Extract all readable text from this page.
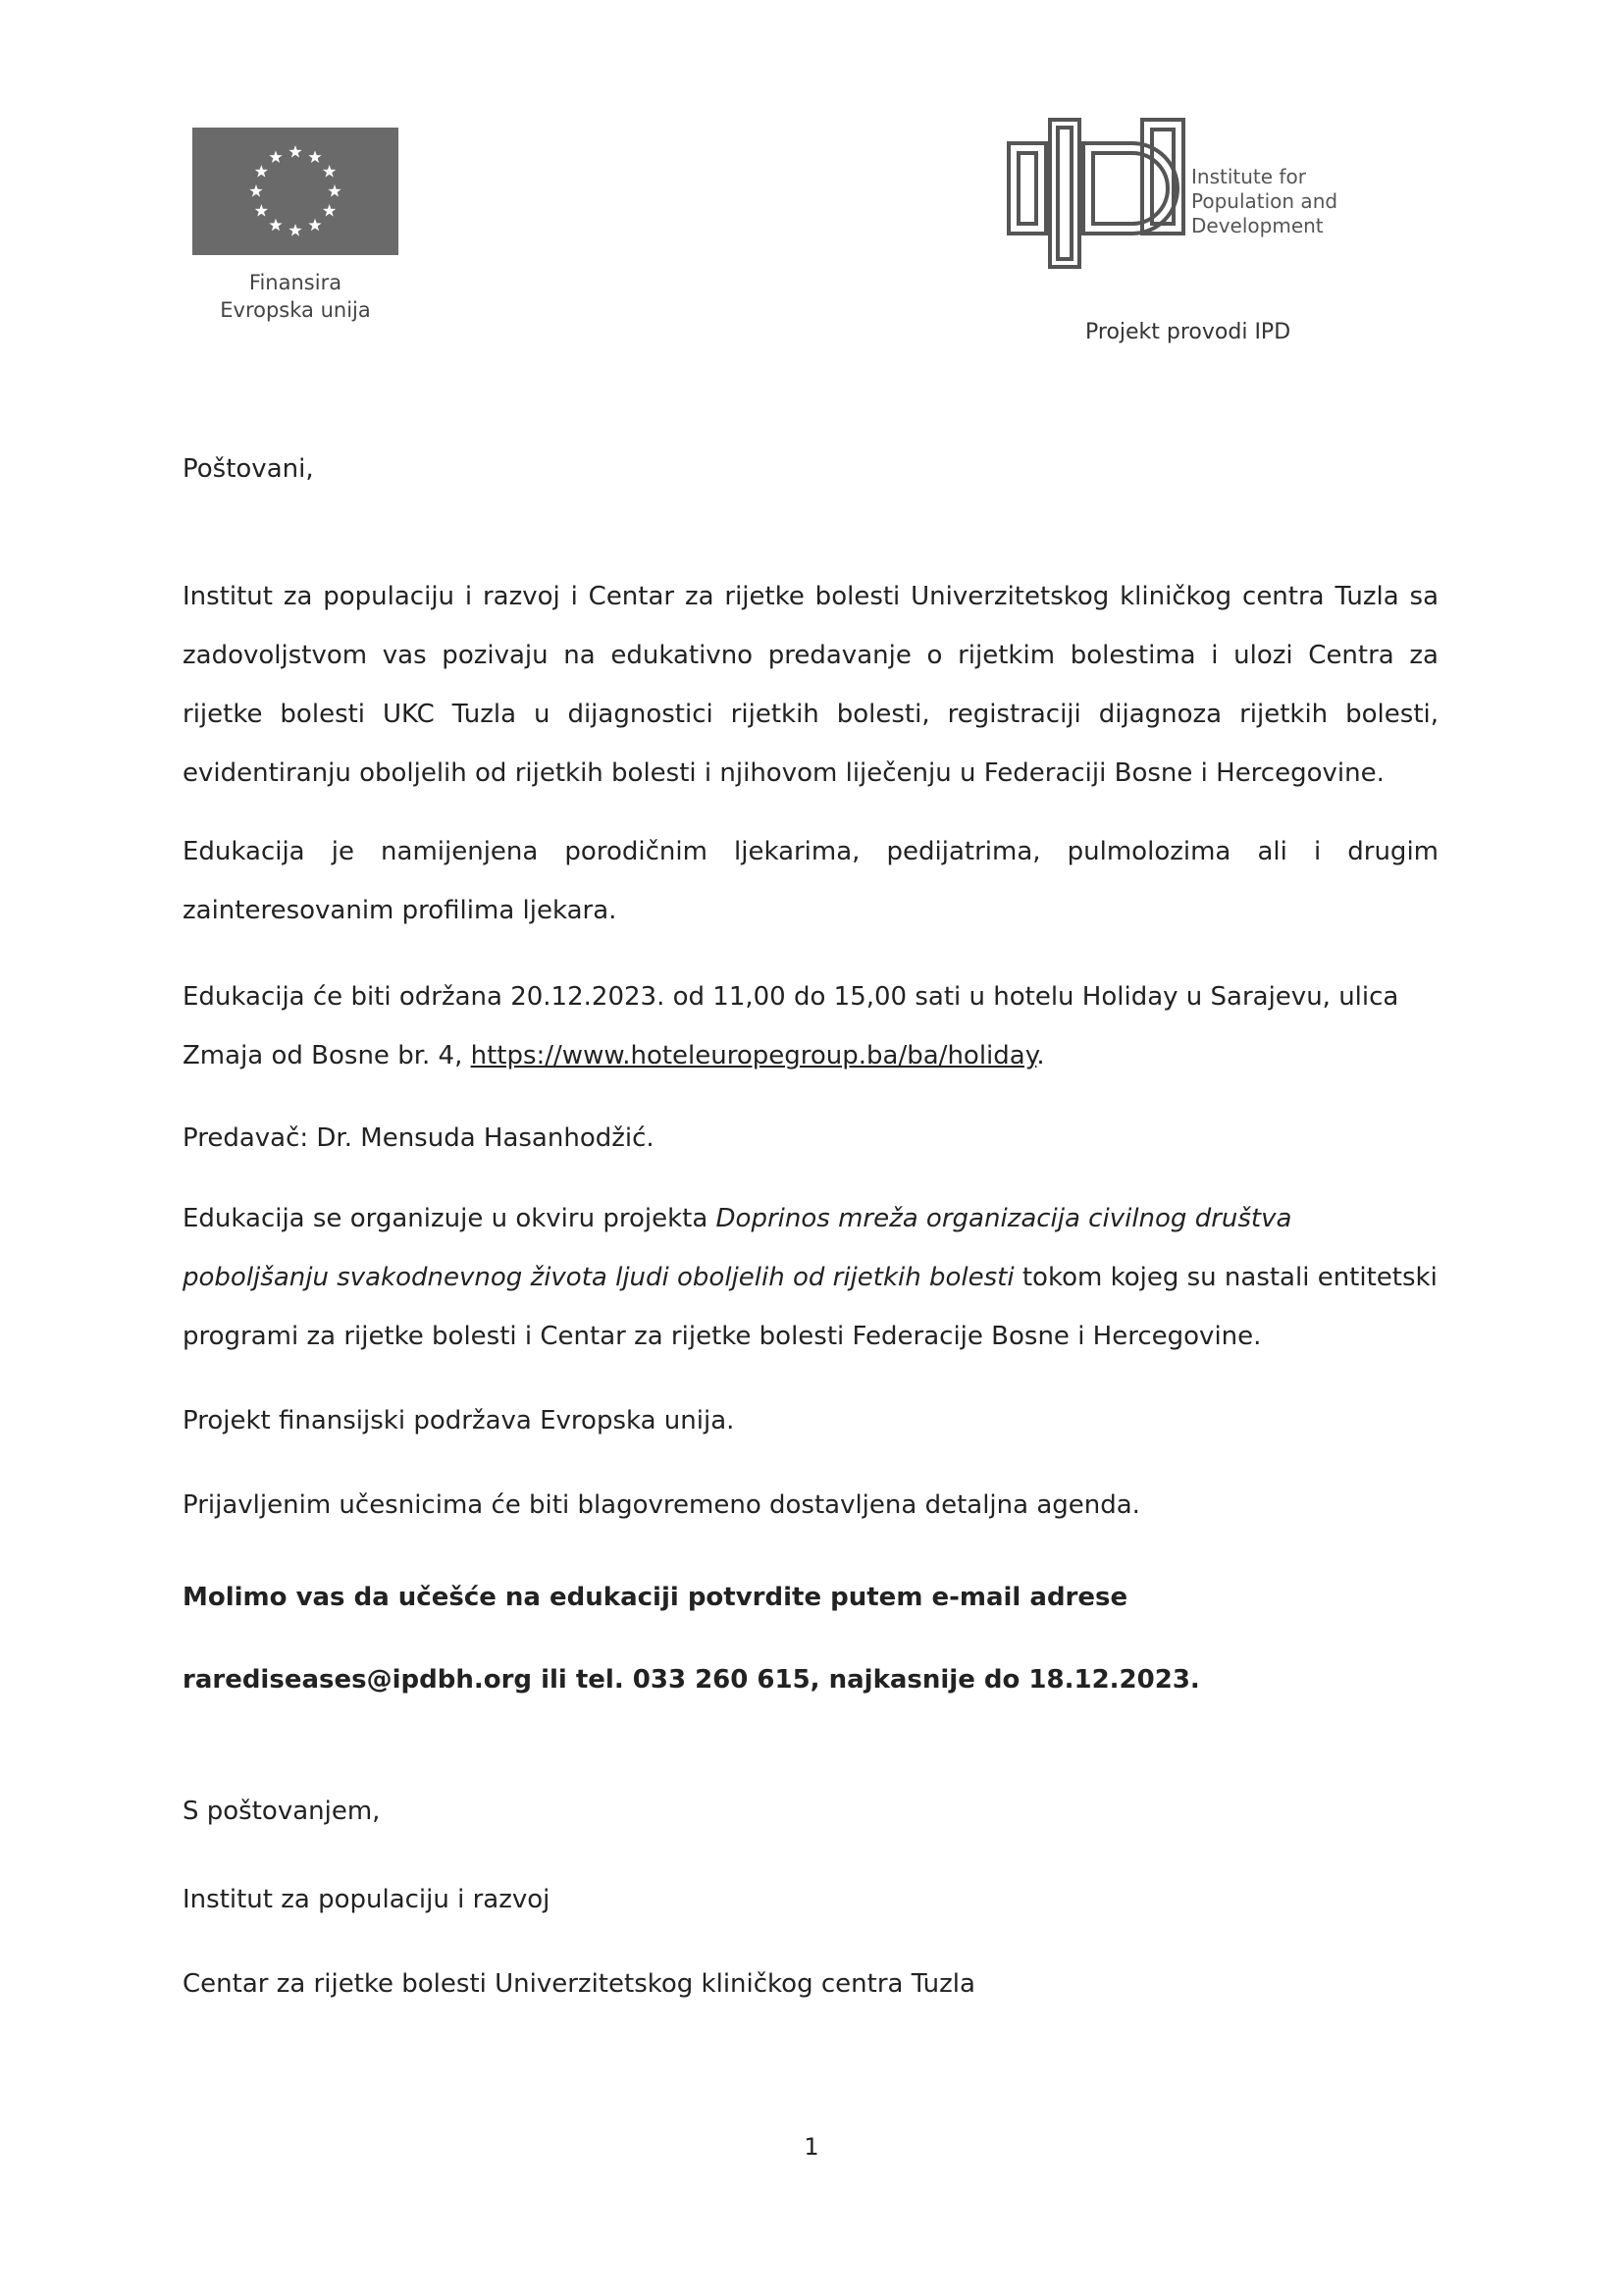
Finansira
Evropska unija
Institute for
Population and
Development
Projekt provodi IPD
Poštovani,
Institut za populaciju i razvoj i Centar za rijetke bolesti Univerzitetskog kliničkog centra Tuzla sa zadovoljstvom vas pozivaju na edukativno predavanje o rijetkim bolestima i ulozi Centra za rijetke bolesti UKC Tuzla u dijagnostici rijetkih bolesti, registraciji dijagnoza rijetkih bolesti, evidentiranju oboljelih od rijetkih bolesti i njihovom liječenju u Federaciji Bosne i Hercegovine.
Edukacija je namijenjena porodičnim ljekarima, pedijatrima, pulmolozima ali i drugim zainteresovanim profilima ljekara.
Edukacija će biti održana 20.12.2023. od 11,00 do 15,00 sati u hotelu Holiday u Sarajevu, ulica Zmaja od Bosne br. 4, https://www.hoteleuropegroup.ba/ba/holiday.
Predavač: Dr. Mensuda Hasanhodžić.
Edukacija se organizuje u okviru projekta Doprinos mreža organizacija civilnog društva poboljšanju svakodnevnog života ljudi oboljelih od rijetkih bolesti tokom kojeg su nastali entitetski programi za rijetke bolesti i Centar za rijetke bolesti Federacije Bosne i Hercegovine.
Projekt finansijski podržava Evropska unija.
Prijavljenim učesnicima će biti blagovremeno dostavljena detaljna agenda.
Molimo vas da učešće na edukaciji potvrdite putem e-mail adrese rarediseases@ipdbh.org ili tel. 033 260 615, najkasnije do 18.12.2023.
S poštovanjem,
Institut za populaciju i razvoj
Centar za rijetke bolesti Univerzitetskog kliničkog centra Tuzla
1
